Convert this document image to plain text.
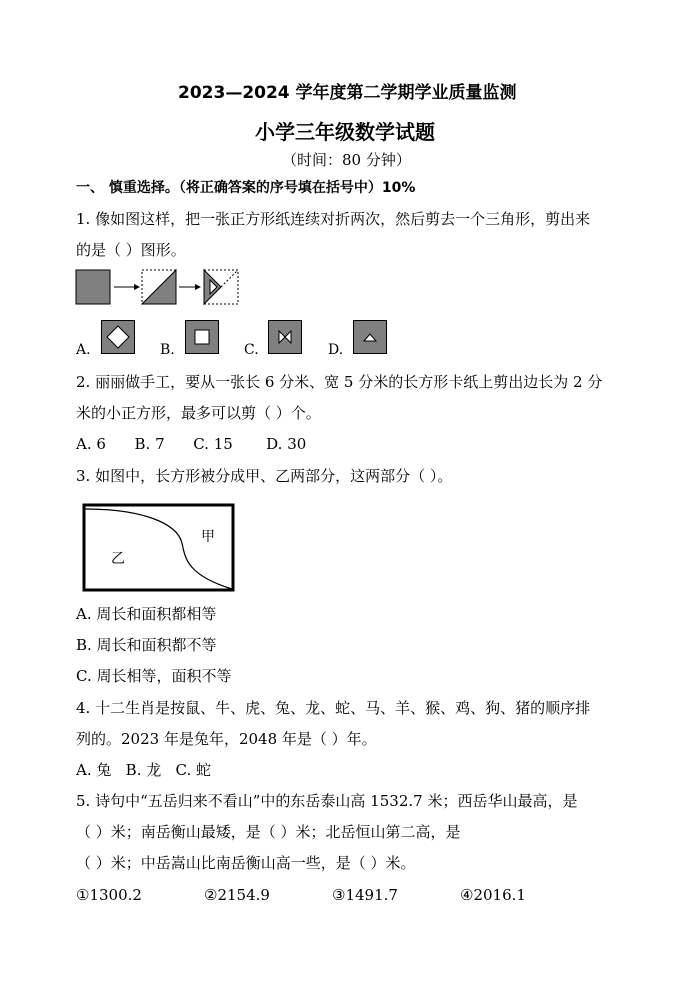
2023—2024 学年度第二学期学业质量监测
小学三年级数学试题
（时间：80 分钟）
一、 慎重选择。（将正确答案的序号填在括号中）10%
1. 像如图这样，把一张正方形纸连续对折两次，然后剪去一个三角形，剪出来
的是（ ）图形。
A.	B.	C.	D.
2. 丽丽做手工，要从一张长 6 分米、宽 5 分米的长方形卡纸上剪出边长为 2 分
米的小正方形，最多可以剪（ ）个。
A. 6      B. 7      C. 15       D. 30
3. 如图中，长方形被分成甲、乙两部分，这两部分（ ）。
甲
乙
A. 周长和面积都相等
B. 周长和面积都不等
C. 周长相等，面积不等
4. 十二生肖是按鼠、牛、虎、兔、龙、蛇、马、羊、猴、鸡、狗、猪的顺序排
列的。2023 年是兔年，2048 年是（ ）年。
A. 兔   B. 龙   C. 蛇
5. 诗句中“五岳归来不看山”中的东岳泰山高 1532.7 米；西岳华山最高，是
（ ）米；南岳衡山最矮，是（ ）米；北岳恒山第二高，是
（ ）米；中岳嵩山比南岳衡山高一些，是（ ）米。
①1300.2	②2154.9	③1491.7	④2016.1
